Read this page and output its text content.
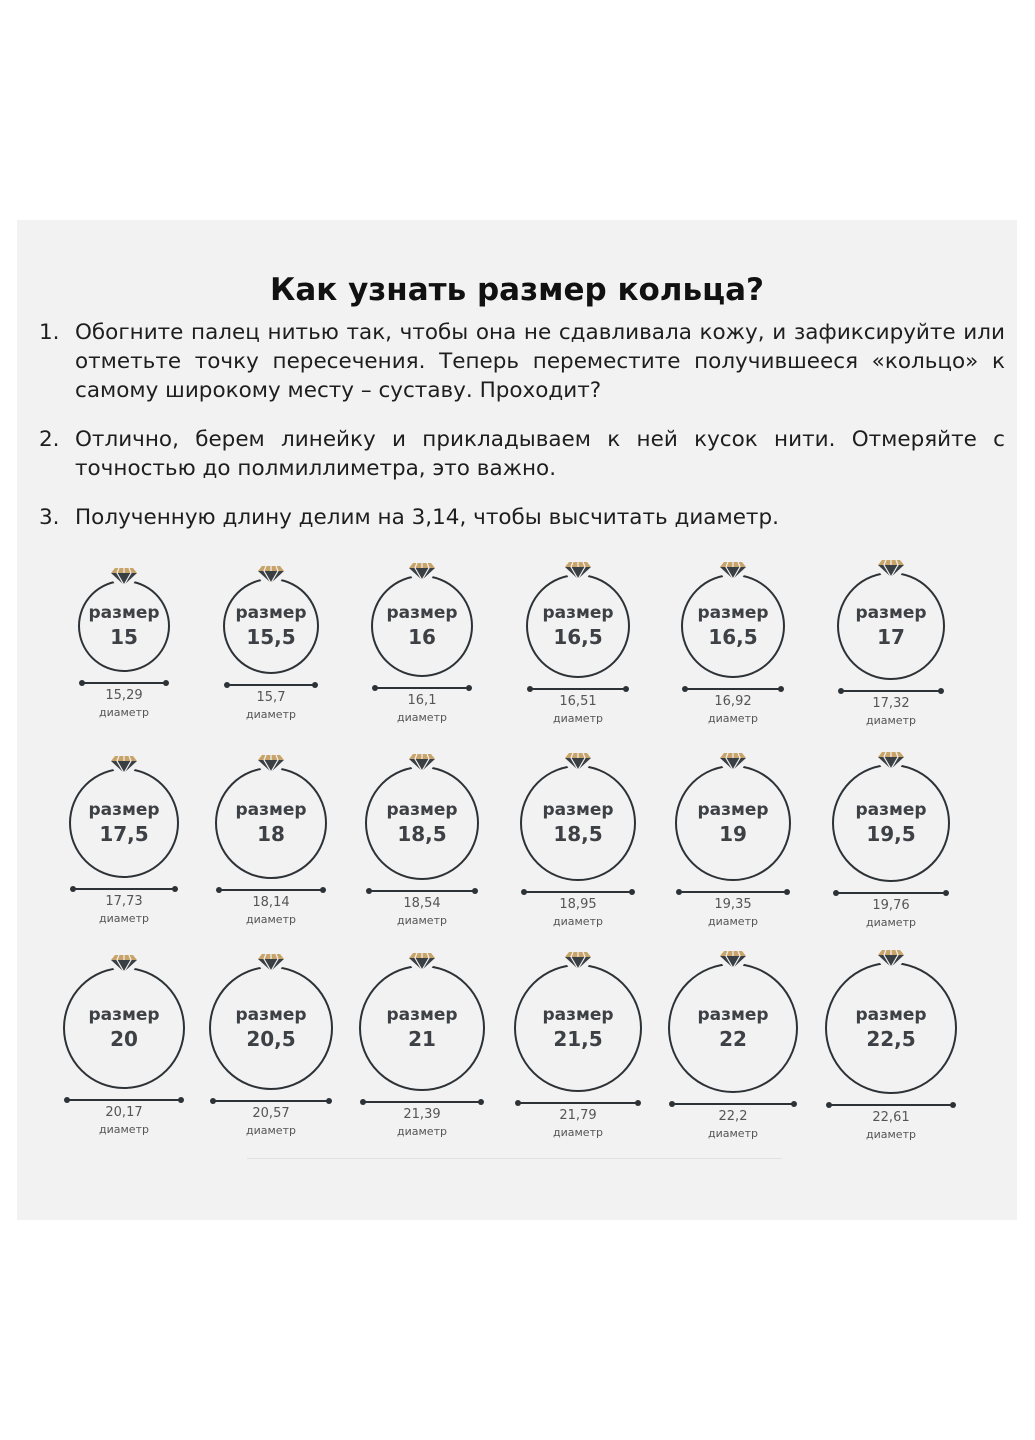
Как узнать размер кольца?
1. Обогните палец нитью так, чтобы она не сдавливала кожу, и зафиксируйте или отметьте точку пересечения. Теперь переместите получившееся «кольцо» к самому широкому месту – суставу. Проходит?
2. Отлично, берем линейку и прикладываем к ней кусок нити. Отмеряйте с точностью до полмиллиметра, это важно.
3. Полученную длину делим на 3,14, чтобы высчитать диаметр.
размер
15
15,29
диаметр
размер
15,5
15,7
диаметр
размер
16
16,1
диаметр
размер
16,5
16,51
диаметр
размер
16,5
16,92
диаметр
размер
17
17,32
диаметр
размер
17,5
17,73
диаметр
размер
18
18,14
диаметр
размер
18,5
18,54
диаметр
размер
18,5
18,95
диаметр
размер
19
19,35
диаметр
размер
19,5
19,76
диаметр
размер
20
20,17
диаметр
размер
20,5
20,57
диаметр
размер
21
21,39
диаметр
размер
21,5
21,79
диаметр
размер
22
22,2
диаметр
размер
22,5
22,61
диаметр
